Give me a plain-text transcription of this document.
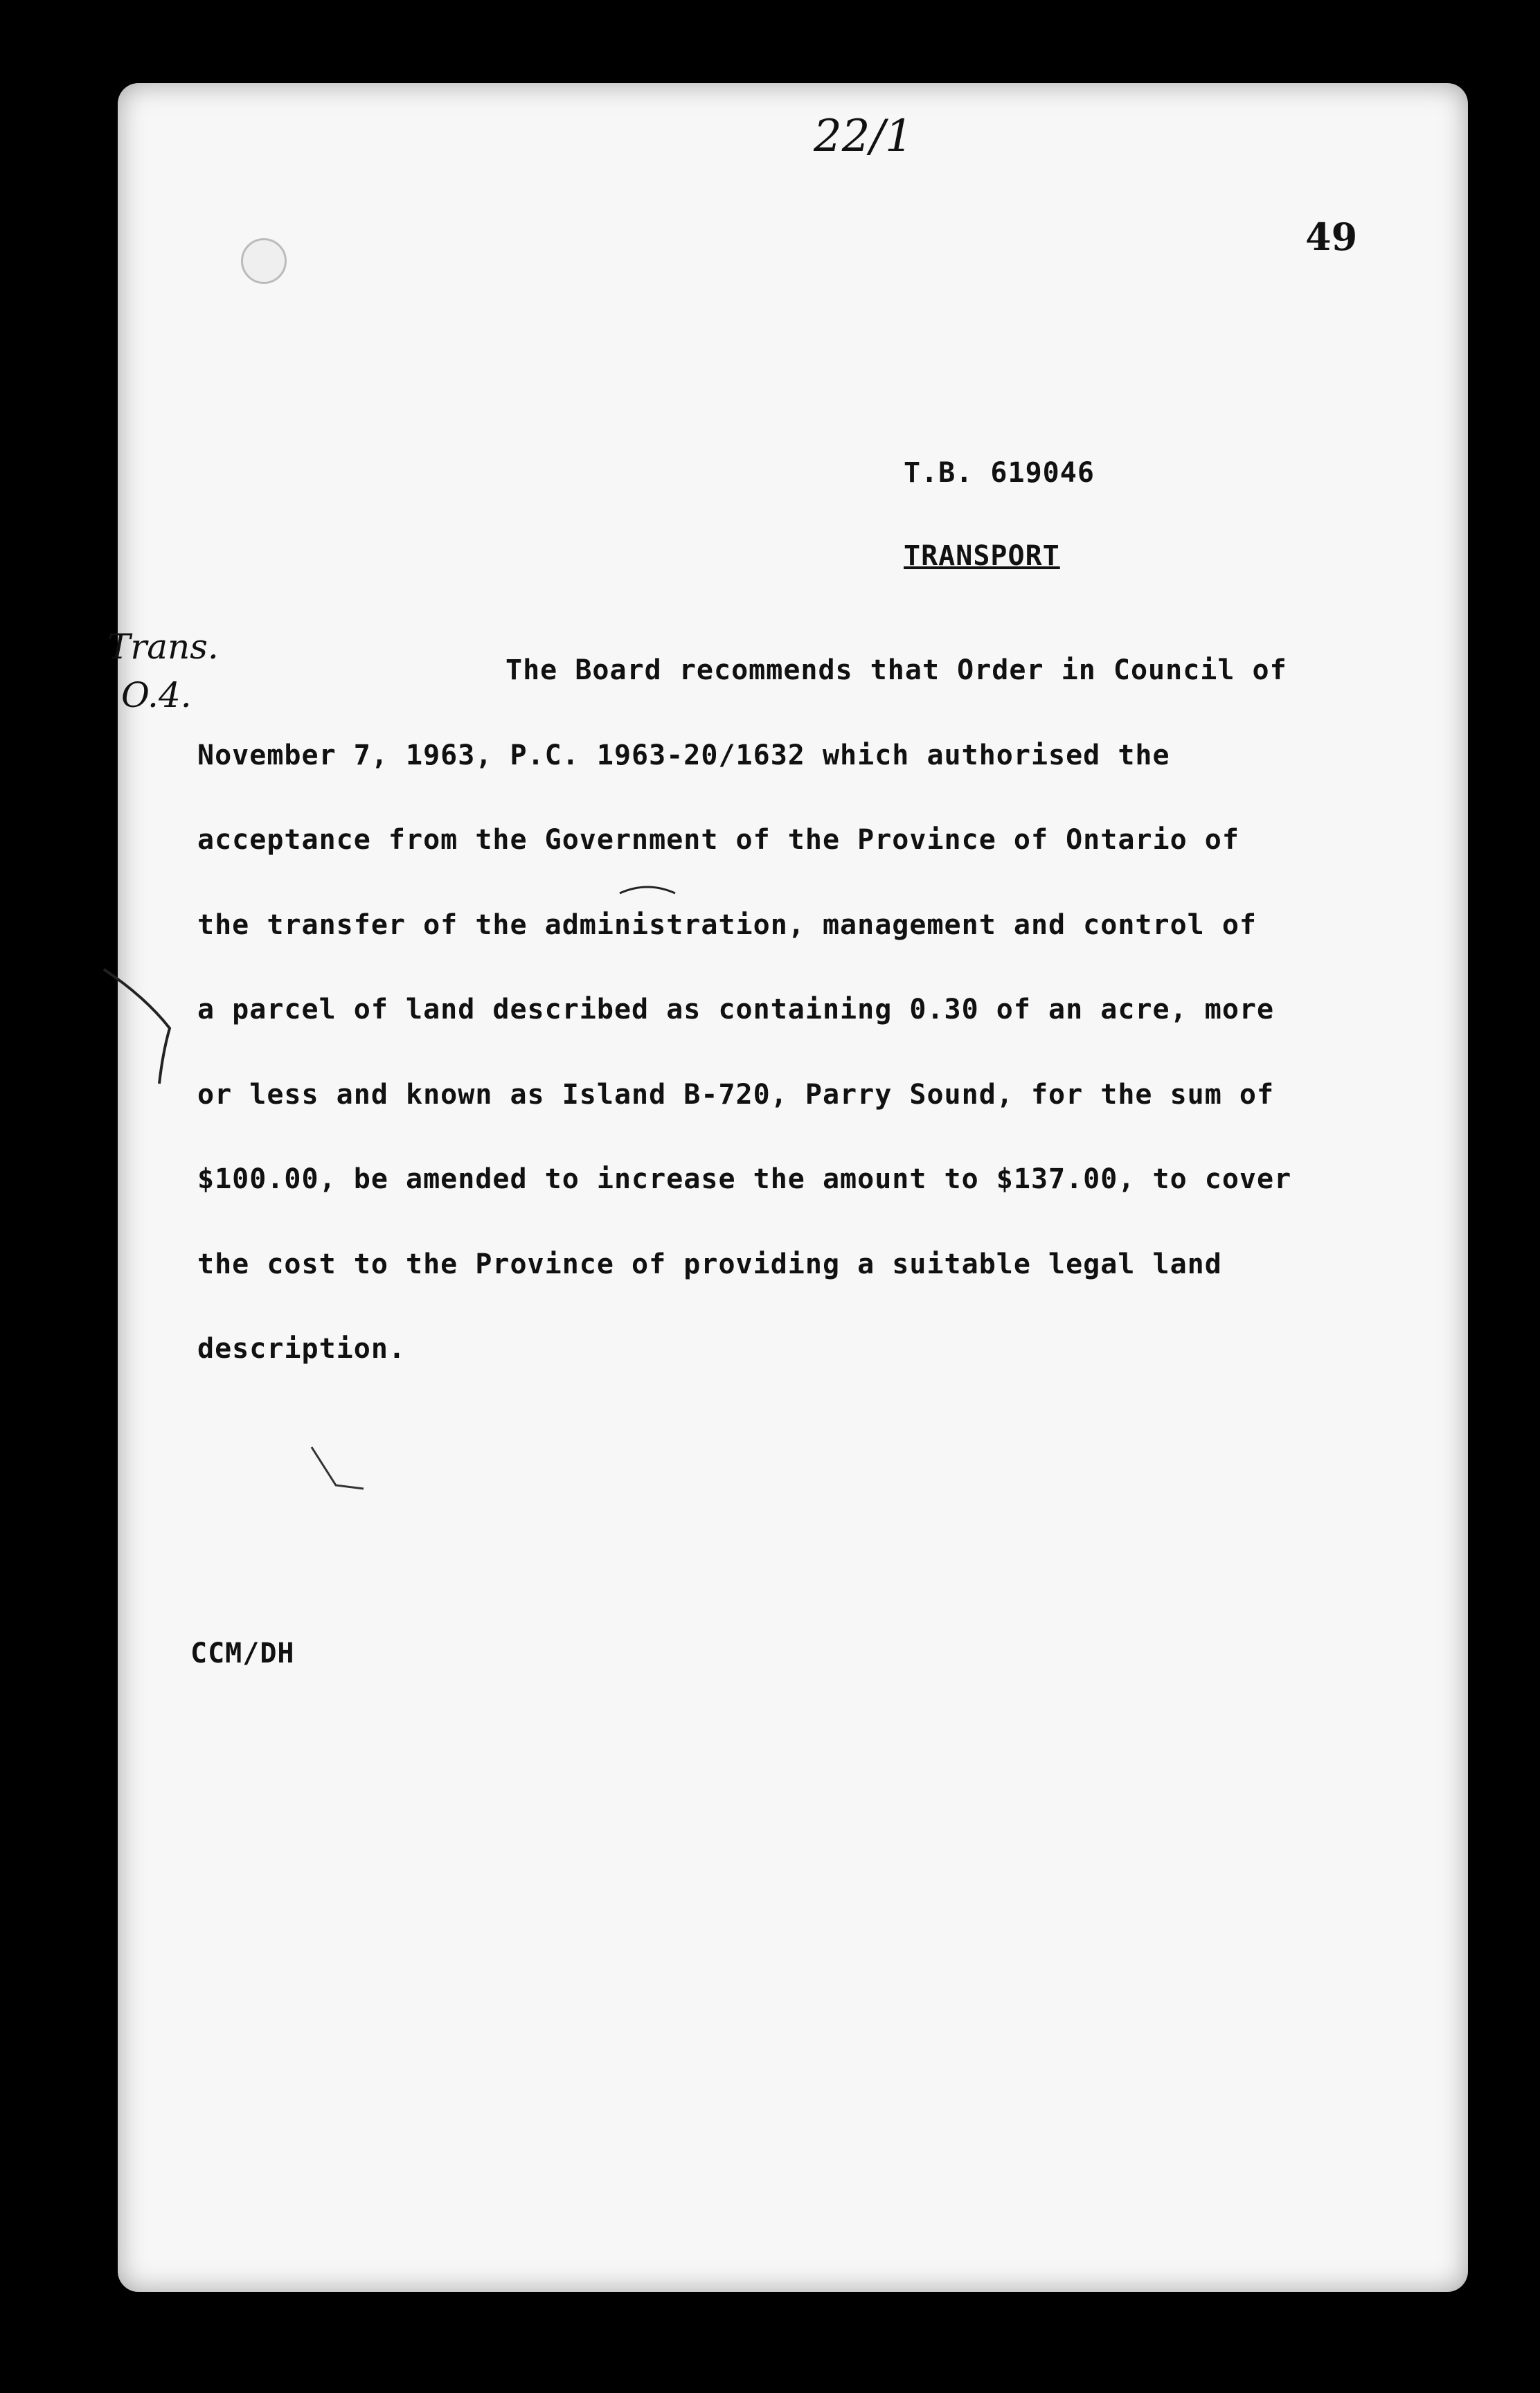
22/1
49
T.B. 619046
TRANSPORT
Trans.
O.4.
The Board recommends that Order in Council of
November 7, 1963, P.C. 1963-20/1632 which authorised the
acceptance from the Government of the Province of Ontario of
the transfer of the administration, management and control of
a parcel of land described as containing 0.30 of an acre, more
or less and known as Island B-720, Parry Sound, for the sum of
$100.00, be amended to increase the amount to $137.00, to cover
the cost to the Province of providing a suitable legal land
description.
CCM/DH
